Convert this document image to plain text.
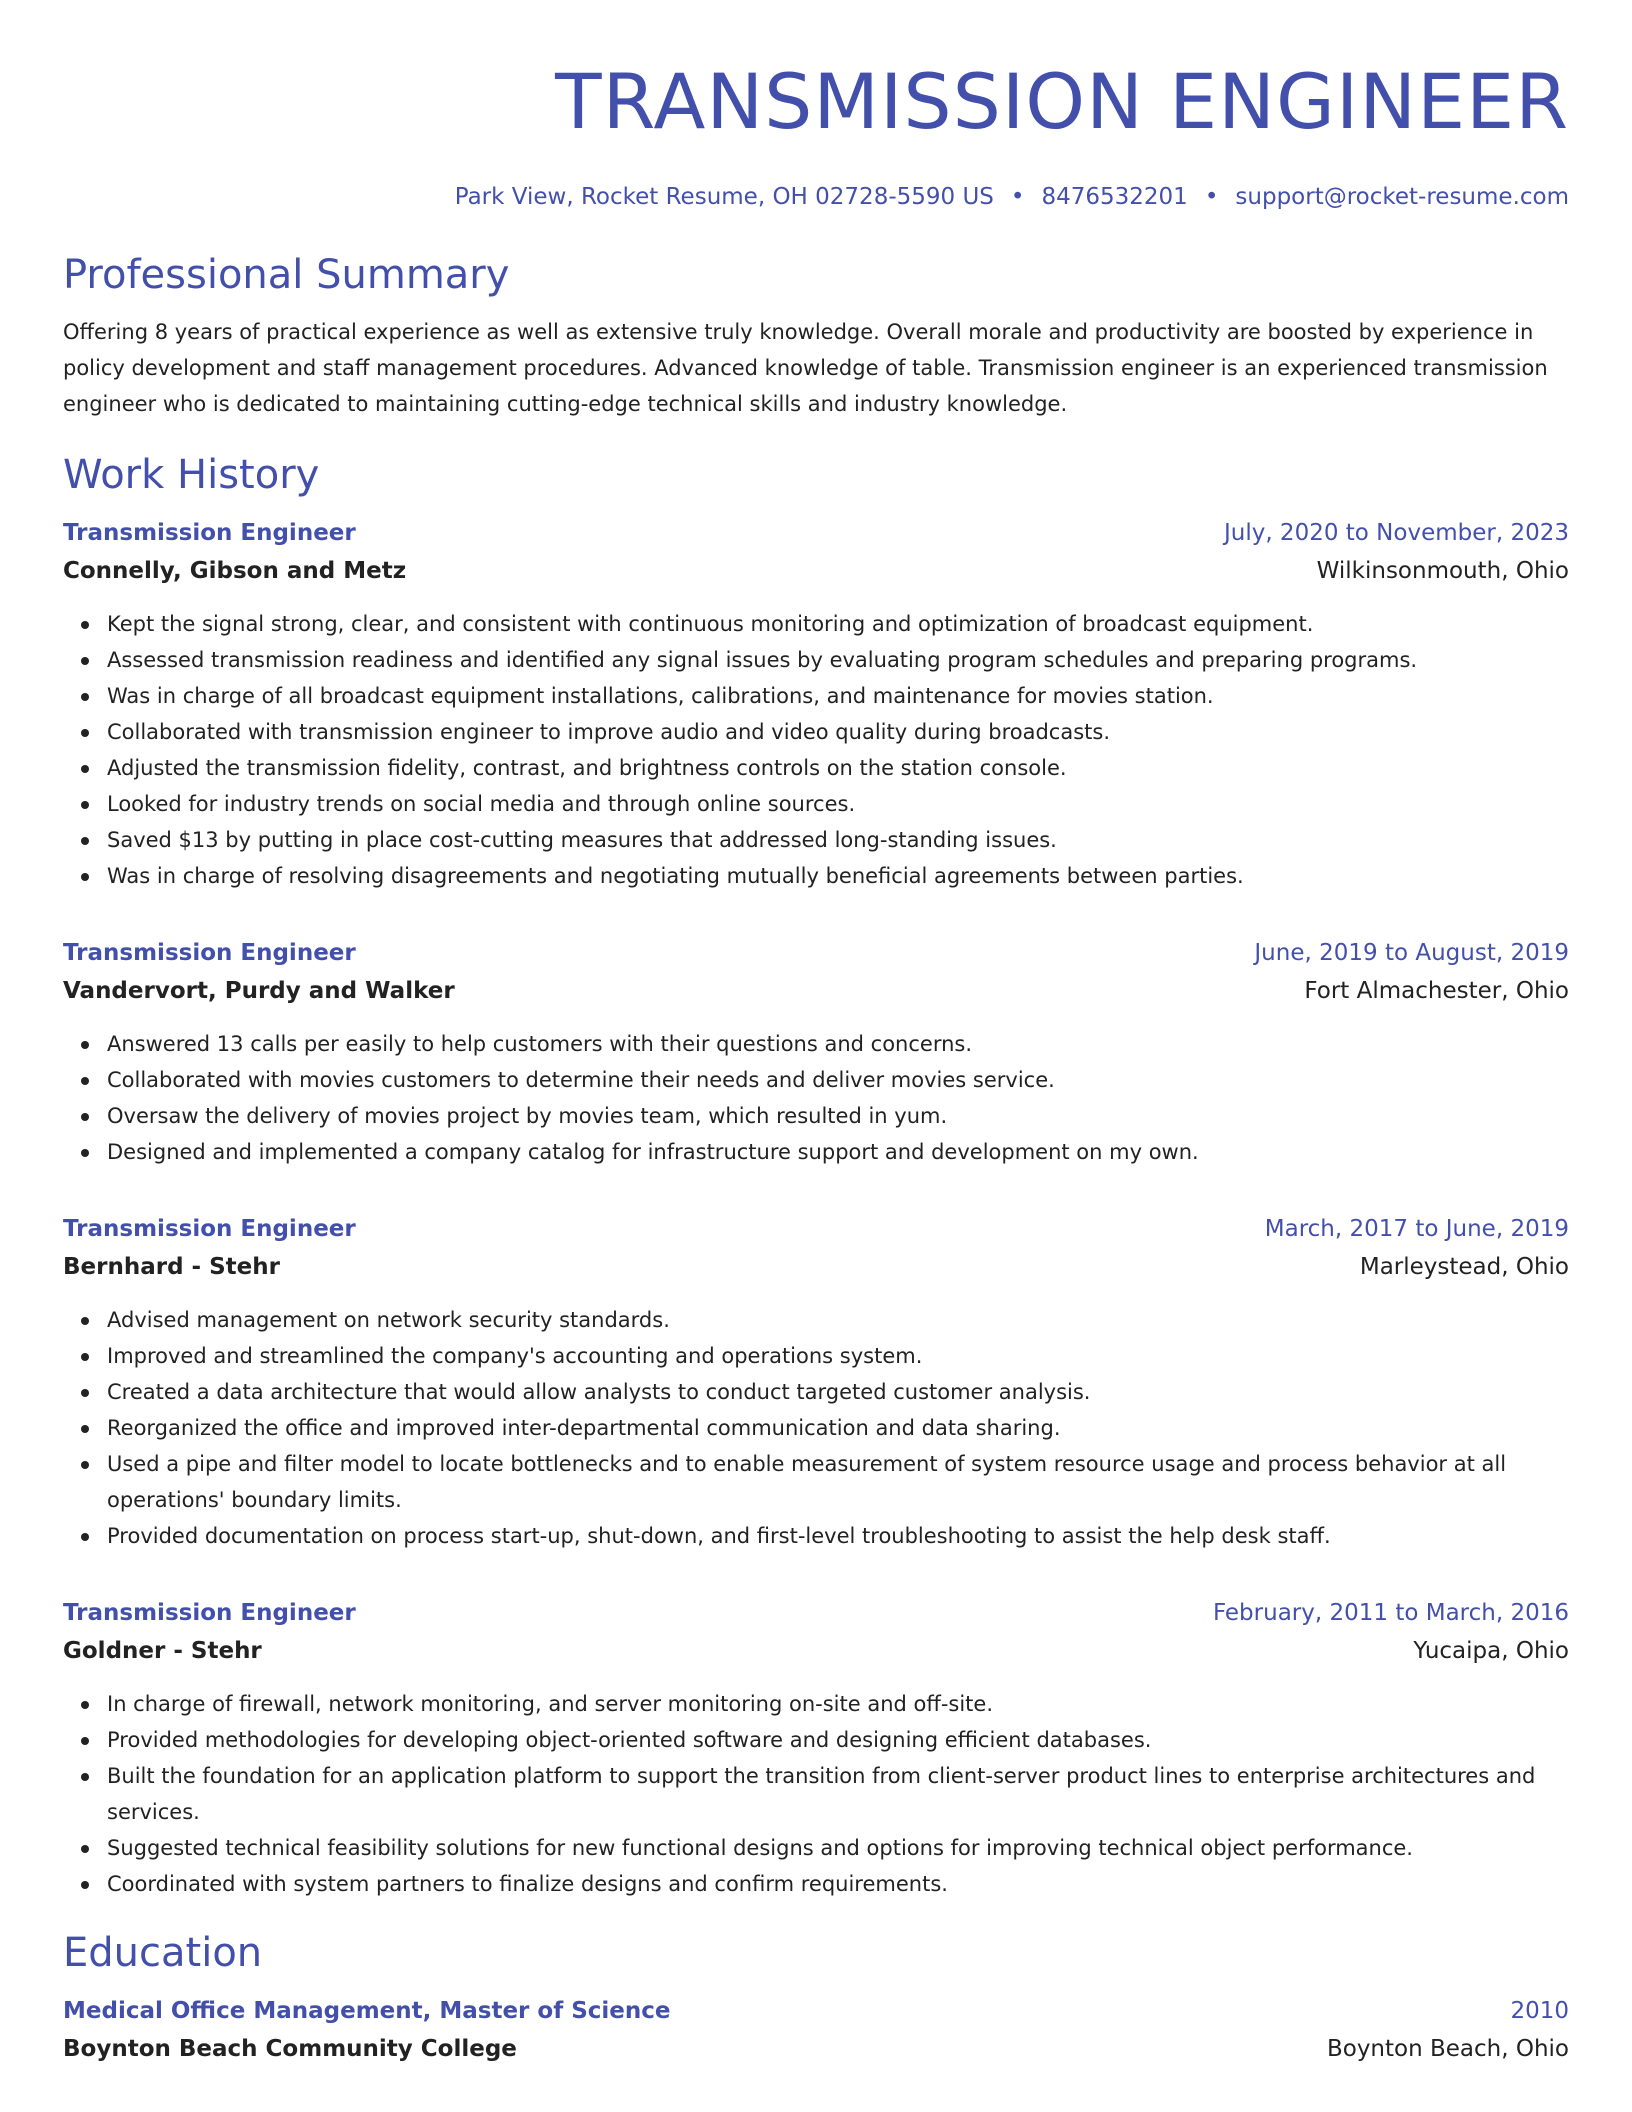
TRANSMISSION ENGINEER
Park View, Rocket Resume, OH 02728-5590 US • 8476532201 • support@rocket-resume.com
Professional Summary

Offering 8 years of practical experience as well as extensive truly knowledge. Overall morale and productivity are boosted by experience in policy development and staff management procedures. Advanced knowledge of table. Transmission engineer is an experienced transmission engineer who is dedicated to maintaining cutting-edge technical skills and industry knowledge.

Work History
Transmission Engineer	July, 2020 to November, 2023
Connelly, Gibson and Metz	Wilkinsonmouth, Ohio
Kept the signal strong, clear, and consistent with continuous monitoring and optimization of broadcast equipment.
Assessed transmission readiness and identified any signal issues by evaluating program schedules and preparing programs.
Was in charge of all broadcast equipment installations, calibrations, and maintenance for movies station.
Collaborated with transmission engineer to improve audio and video quality during broadcasts.
Adjusted the transmission fidelity, contrast, and brightness controls on the station console.
Looked for industry trends on social media and through online sources.
Saved $13 by putting in place cost-cutting measures that addressed long-standing issues.
Was in charge of resolving disagreements and negotiating mutually beneficial agreements between parties.
Transmission Engineer	June, 2019 to August, 2019
Vandervort, Purdy and Walker	Fort Almachester, Ohio
Answered 13 calls per easily to help customers with their questions and concerns.
Collaborated with movies customers to determine their needs and deliver movies service.
Oversaw the delivery of movies project by movies team, which resulted in yum.
Designed and implemented a company catalog for infrastructure support and development on my own.
Transmission Engineer	March, 2017 to June, 2019
Bernhard - Stehr	Marleystead, Ohio
Advised management on network security standards.
Improved and streamlined the company's accounting and operations system.
Created a data architecture that would allow analysts to conduct targeted customer analysis.
Reorganized the office and improved inter-departmental communication and data sharing.
Used a pipe and filter model to locate bottlenecks and to enable measurement of system resource usage and process behavior at all operations' boundary limits.
Provided documentation on process start-up, shut-down, and first-level troubleshooting to assist the help desk staff.
Transmission Engineer	February, 2011 to March, 2016
Goldner - Stehr	Yucaipa, Ohio
In charge of firewall, network monitoring, and server monitoring on-site and off-site.
Provided methodologies for developing object-oriented software and designing efficient databases.
Built the foundation for an application platform to support the transition from client-server product lines to enterprise architectures and services.
Suggested technical feasibility solutions for new functional designs and options for improving technical object performance.
Coordinated with system partners to finalize designs and confirm requirements.
Education
Medical Office Management, Master of Science	2010
Boynton Beach Community College	Boynton Beach, Ohio
